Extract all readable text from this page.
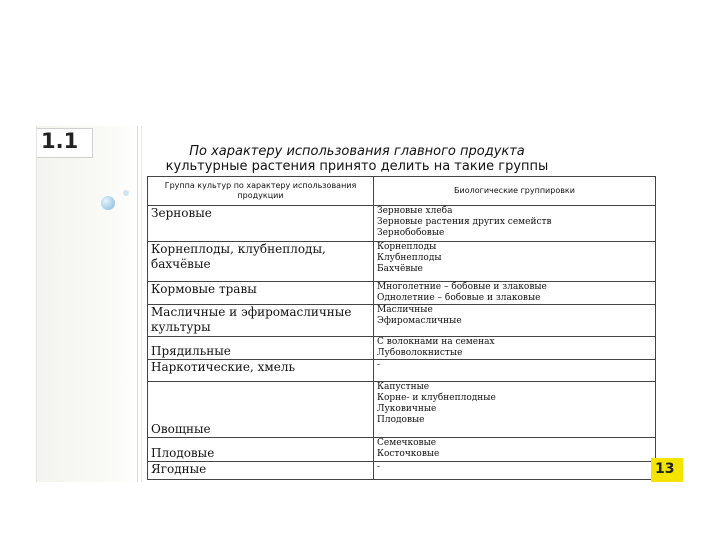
1.1	По характеру использования главного продукта
культурные растения принято делить на такие группы
Группа культур по характеру использования продукции	Биологические группировки
Зерновые	Зерновые хлеба
Зерновые растения других семейств
Зернобобовые

Корнеплоды, клубнеплоды, бахчёвые	Корнеплоды
Клубнеплоды
Бахчёвые

Кормовые травы	Многолетние – бобовые и злаковые
Однолетние – бобовые и злаковые

Масличные и эфиромасличные культуры	Масличные
Эфиромасличные

Прядильные	С волокнами на семенах
Лубоволокнистые

Наркотические, хмель	-

Овощные	Капустные
Корне- и клубнеплодные
Луковичные
Плодовые

Плодовые	Семечковые
Косточковые

Ягодные	-	13
